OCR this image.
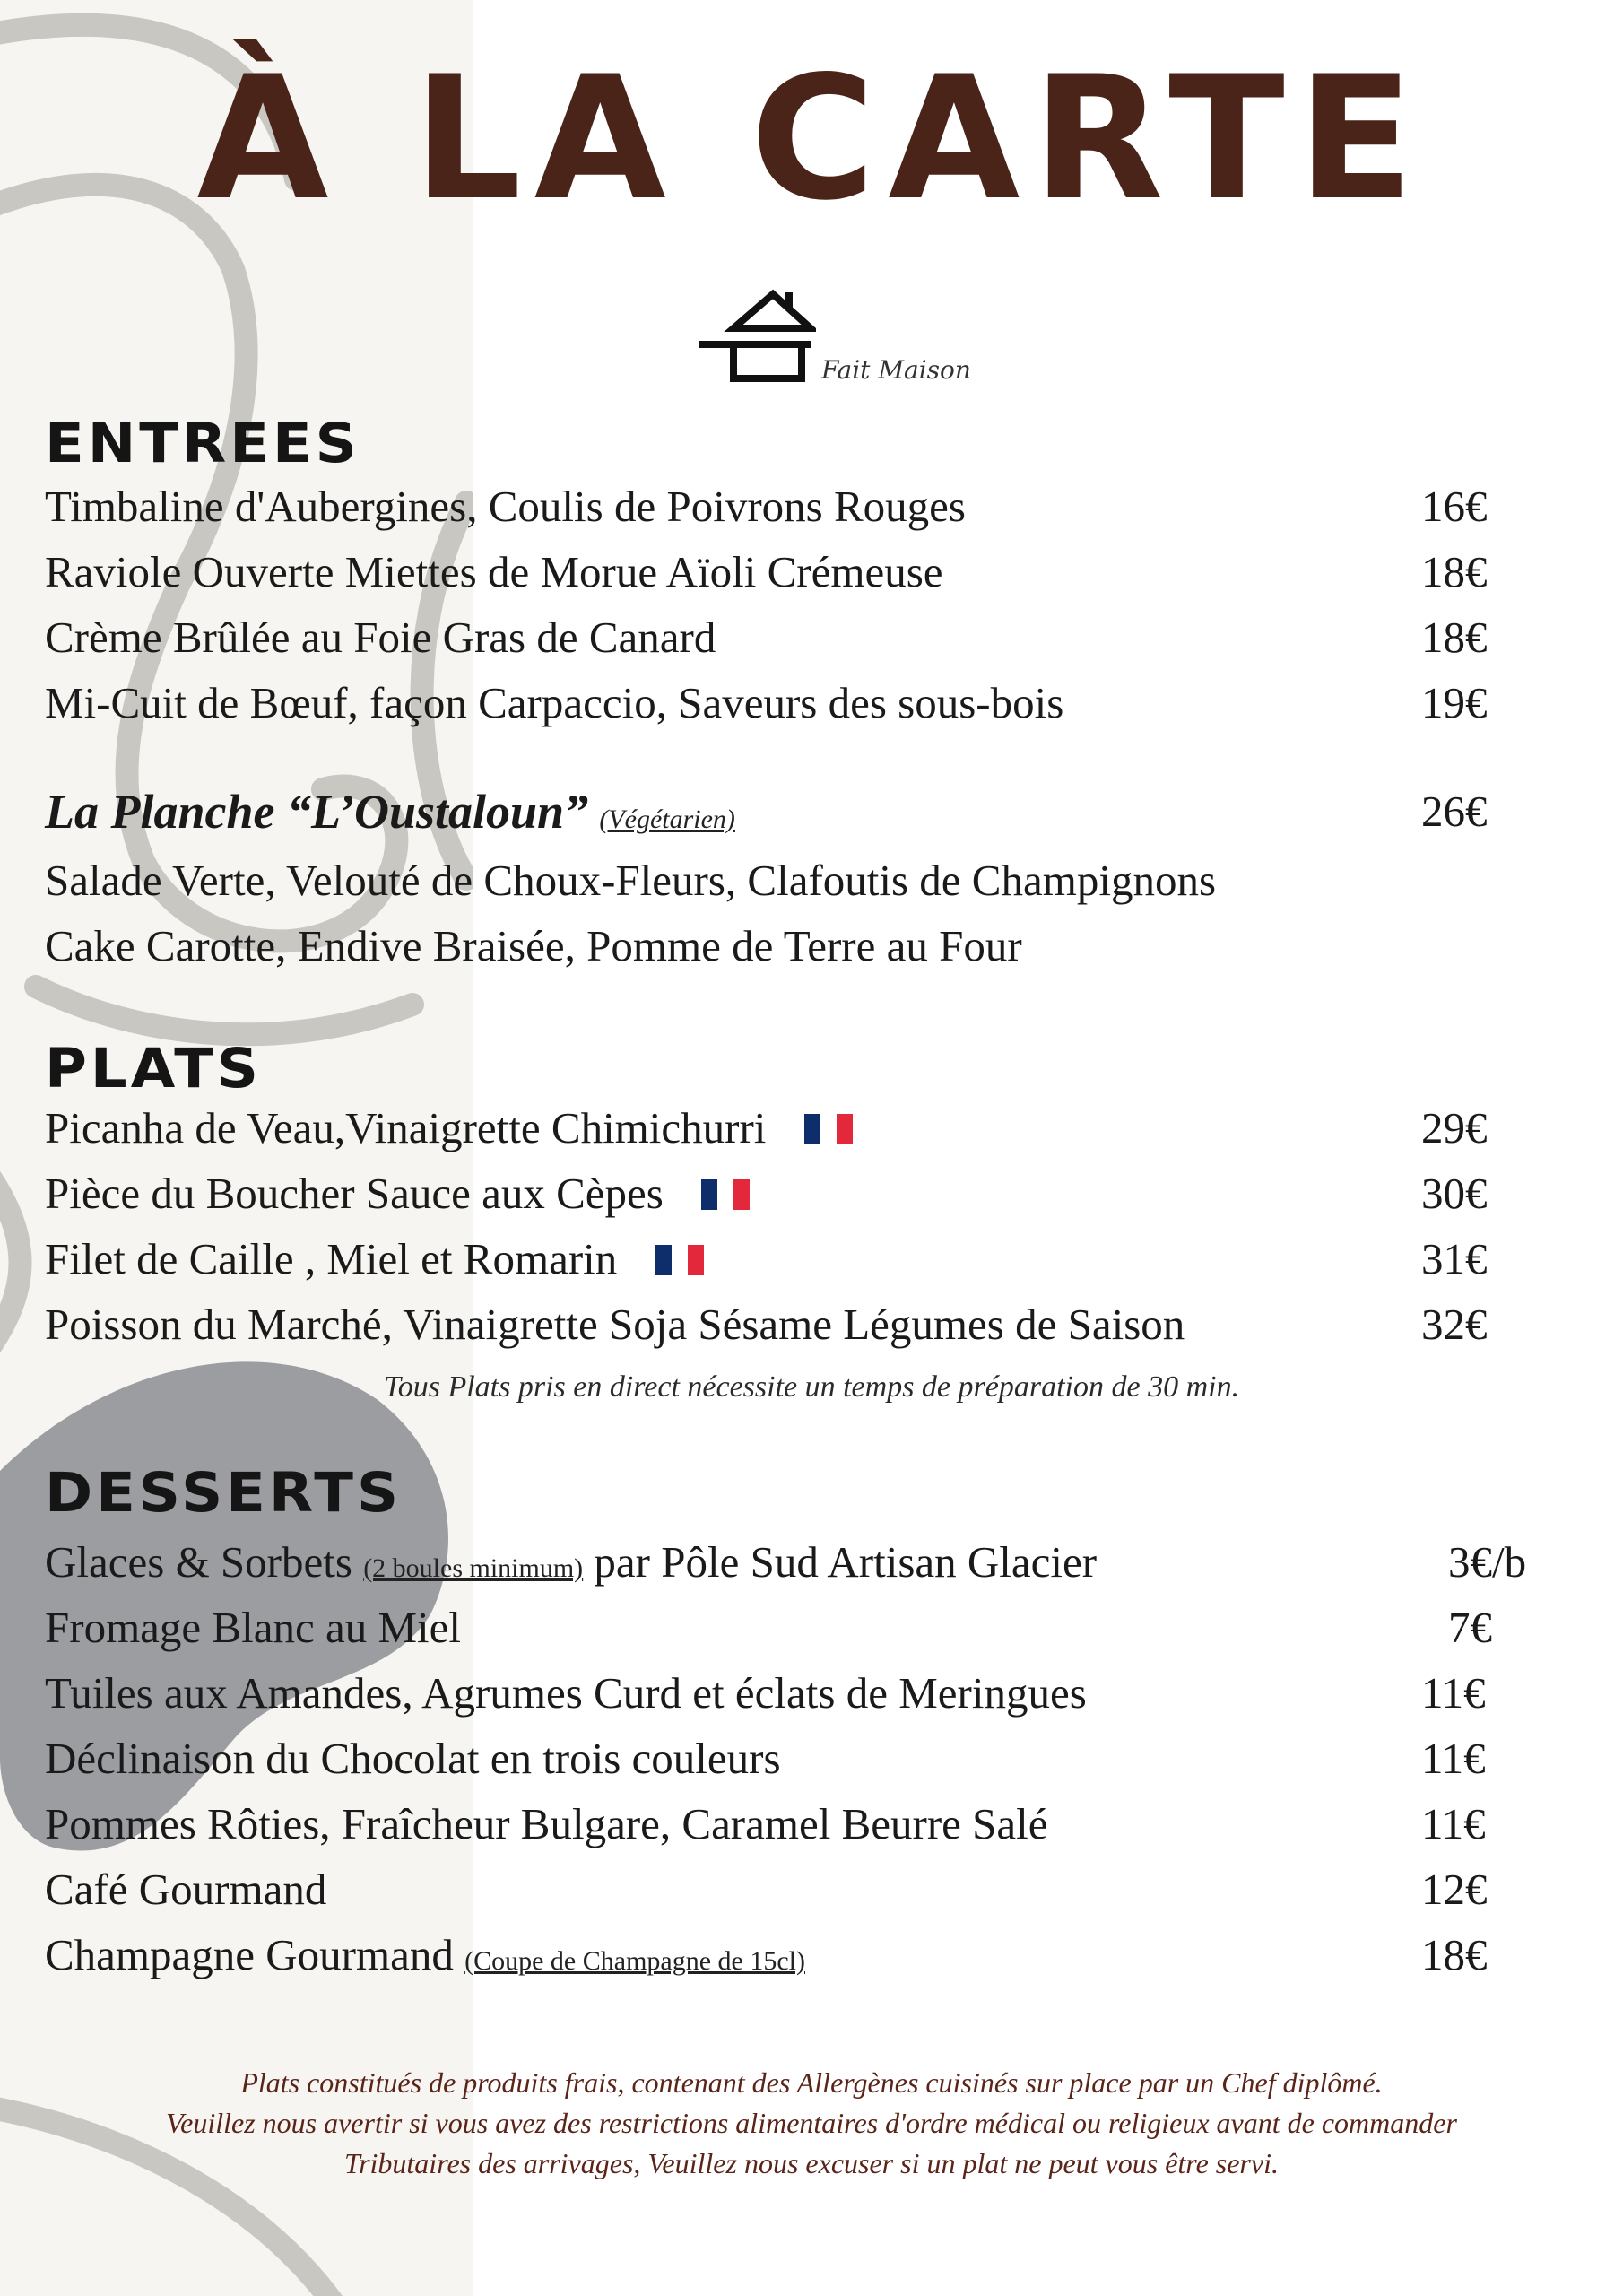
À LA CARTE
Fait Maison
ENTREES
Timbaline d'Aubergines, Coulis de Poivrons Rouges	16€
Raviole Ouverte Miettes de Morue Aïoli Crémeuse	18€
Crème Brûlée au Foie Gras de Canard	18€
Mi-Cuit de Bœuf, façon Carpaccio, Saveurs des sous-bois	19€
La Planche “L’Oustaloun” (Végétarien)	26€
Salade Verte, Velouté de Choux-Fleurs, Clafoutis de Champignons
Cake Carotte, Endive Braisée, Pomme de Terre au Four
PLATS
Picanha de Veau,Vinaigrette Chimichurri	29€
Pièce du Boucher Sauce aux Cèpes	30€
Filet de Caille , Miel et Romarin	31€
Poisson du Marché, Vinaigrette Soja Sésame Légumes de Saison	32€
Tous Plats pris en direct nécessite un temps de préparation de 30 min.
DESSERTS
Glaces & Sorbets (2 boules minimum) par Pôle Sud Artisan Glacier	3€/b
Fromage Blanc au Miel	7€
Tuiles aux Amandes, Agrumes Curd et éclats de Meringues	11€
Déclinaison du Chocolat en trois couleurs	11€
Pommes Rôties, Fraîcheur Bulgare, Caramel Beurre Salé	11€
Café Gourmand	12€
Champagne Gourmand (Coupe de Champagne de 15cl)	18€
Plats constitués de produits frais, contenant des Allergènes cuisinés sur place par un Chef diplômé.
Veuillez nous avertir si vous avez des restrictions alimentaires d'ordre médical ou religieux avant de commander
Tributaires des arrivages, Veuillez nous excuser si un plat ne peut vous être servi.
